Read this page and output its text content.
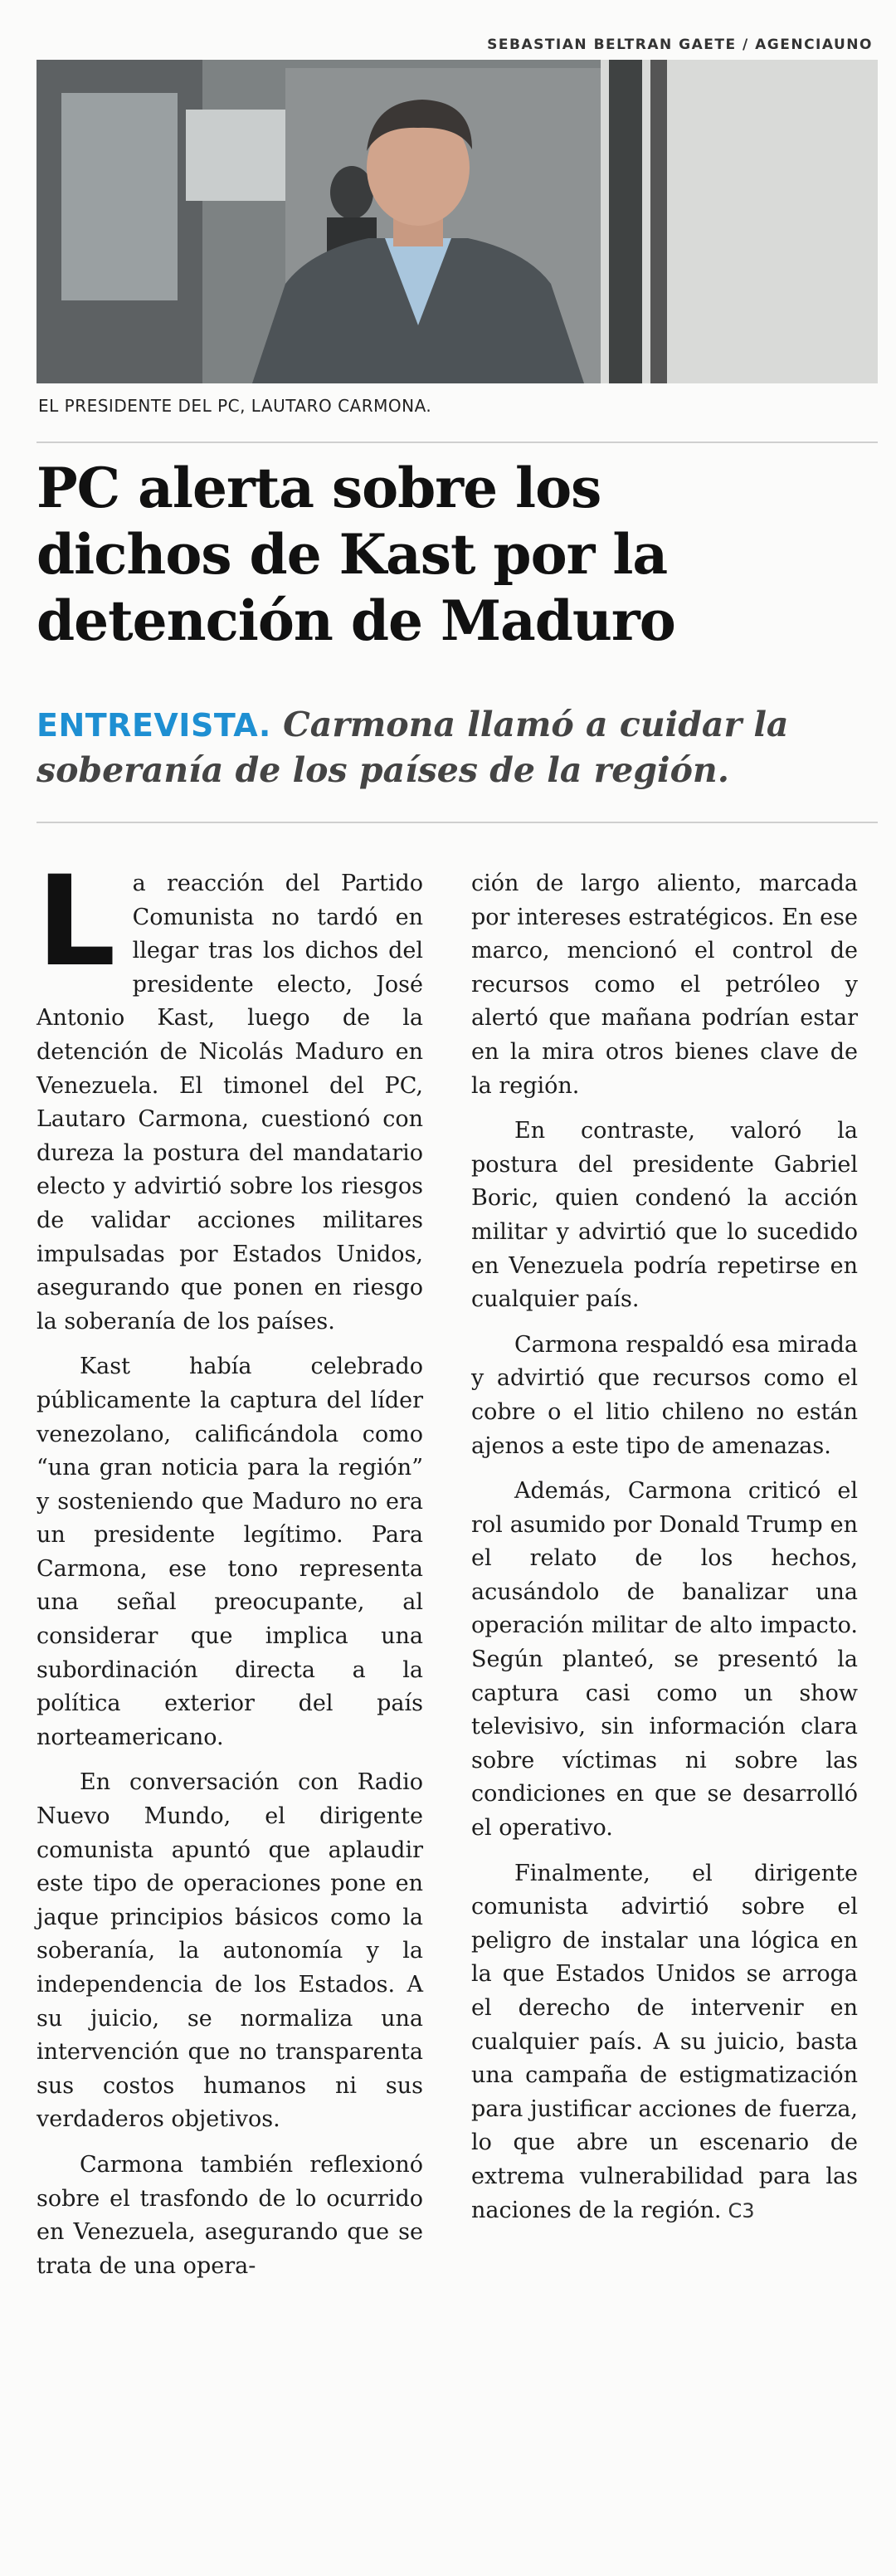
SEBASTIAN BELTRAN GAETE / AGENCIAUNO
EL PRESIDENTE DEL PC, LAUTARO CARMONA.
PC alerta sobre los
dichos de Kast por la
detención de Maduro
ENTREVISTA. Carmona llamó a cuidar la
soberanía de los países de la región.

L a reacción del Partido Comunista no tardó en llegar tras los dichos del presidente electo, José Antonio Kast, luego de la detención de Nicolás Maduro en Venezuela. El timonel del PC, Lautaro Carmona, cuestionó con dureza la postura del mandatario electo y advirtió sobre los riesgos de validar acciones militares impulsadas por Estados Unidos, asegurando que ponen en riesgo la soberanía de los países.

Kast había celebrado públicamente la captura del líder venezolano, calificándola como “una gran noticia para la región” y sosteniendo que Maduro no era un presidente legítimo. Para Carmona, ese tono representa una señal preocupante, al considerar que implica una subordinación directa a la política exterior del país norteamericano.

En conversación con Radio Nuevo Mundo, el dirigente comunista apuntó que aplaudir este tipo de operaciones pone en jaque principios básicos como la soberanía, la autonomía y la independencia de los Estados. A su juicio, se normaliza una intervención que no transparenta sus costos humanos ni sus verdaderos objetivos.

Carmona también reflexionó sobre el trasfondo de lo ocurrido en Venezuela, asegurando que se trata de una opera-

ción de largo aliento, marcada por intereses estratégicos. En ese marco, mencionó el control de recursos como el petróleo y alertó que mañana podrían estar en la mira otros bienes clave de la región.

En contraste, valoró la postura del presidente Gabriel Boric, quien condenó la acción militar y advirtió que lo sucedido en Venezuela podría repetirse en cualquier país.

Carmona respaldó esa mirada y advirtió que recursos como el cobre o el litio chileno no están ajenos a este tipo de amenazas.

Además, Carmona criticó el rol asumido por Donald Trump en el relato de los hechos, acusándolo de banalizar una operación militar de alto impacto. Según planteó, se presentó la captura casi como un show televisivo, sin información clara sobre víctimas ni sobre las condiciones en que se desarrolló el operativo.

Finalmente, el dirigente comunista advirtió sobre el peligro de instalar una lógica en la que Estados Unidos se arroga el derecho de intervenir en cualquier país. A su juicio, basta una campaña de estigmatización para justificar acciones de fuerza, lo que abre un escenario de extrema vulnerabilidad para las naciones de la región. C3
